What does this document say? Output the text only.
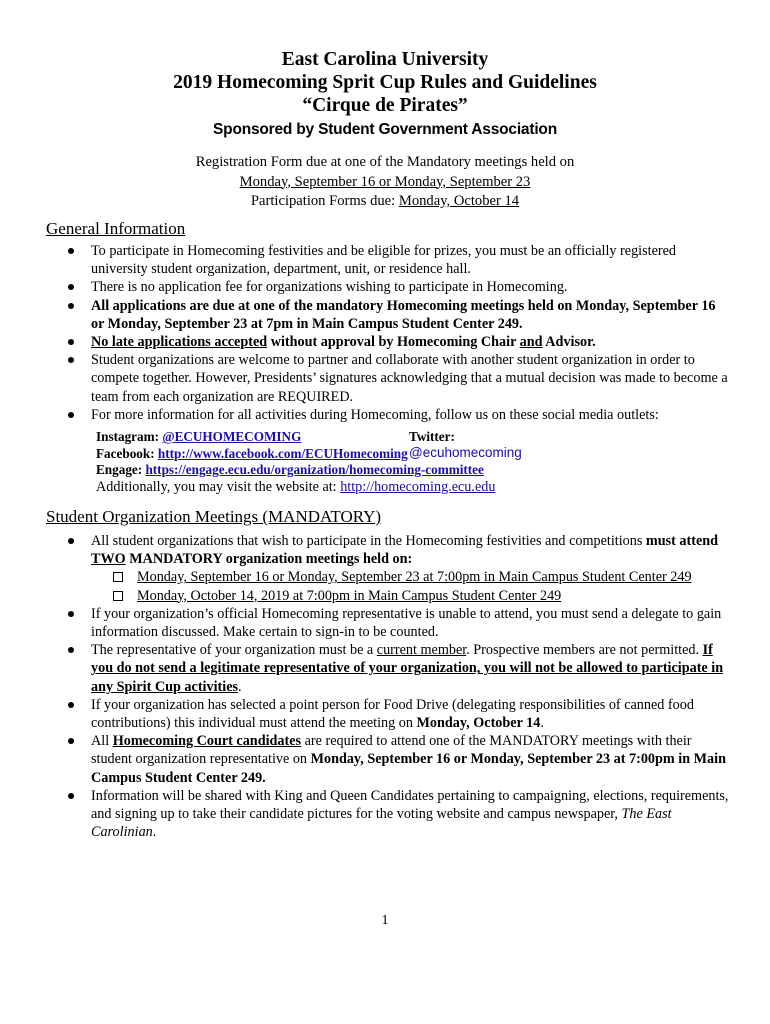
East Carolina University
2019 Homecoming Sprit Cup Rules and Guidelines
“Cirque de Pirates”
Sponsored by Student Government Association
Registration Form due at one of the Mandatory meetings held on
Monday, September 16 or Monday, September 23
Participation Forms due: Monday, October 14
General Information
To participate in Homecoming festivities and be eligible for prizes, you must be an officially registered university student organization, department, unit, or residence hall.
There is no application fee for organizations wishing to participate in Homecoming.
All applications are due at one of the mandatory Homecoming meetings held on Monday, September 16 or Monday, September 23 at 7pm in Main Campus Student Center 249.
No late applications accepted without approval by Homecoming Chair and Advisor.
Student organizations are welcome to partner and collaborate with another student organization in order to compete together. However, Presidents’ signatures acknowledging that a mutual decision was made to become a team from each organization are REQUIRED.
For more information for all activities during Homecoming, follow us on these social media outlets:
Instagram: @ECUHOMECOMING	Twitter: @ecuhomecoming
Facebook: http://www.facebook.com/ECUHomecoming
Engage: https://engage.ecu.edu/organization/homecoming-committee
Additionally, you may visit the website at: http://homecoming.ecu.edu
Student Organization Meetings (MANDATORY)
All student organizations that wish to participate in the Homecoming festivities and competitions must attend TWO MANDATORY organization meetings held on:
Monday, September 16 or Monday, September 23 at 7:00pm in Main Campus Student Center 249
Monday, October 14, 2019 at 7:00pm in Main Campus Student Center 249
If your organization’s official Homecoming representative is unable to attend, you must send a delegate to gain information discussed. Make certain to sign-in to be counted.
The representative of your organization must be a current member. Prospective members are not permitted. If you do not send a legitimate representative of your organization, you will not be allowed to participate in any Spirit Cup activities.
If your organization has selected a point person for Food Drive (delegating responsibilities of canned food contributions) this individual must attend the meeting on Monday, October 14.
All Homecoming Court candidates are required to attend one of the MANDATORY meetings with their student organization representative on Monday, September 16 or Monday, September 23 at 7:00pm in Main Campus Student Center 249.
Information will be shared with King and Queen Candidates pertaining to campaigning, elections, requirements, and signing up to take their candidate pictures for the voting website and campus newspaper, The East Carolinian.
1
